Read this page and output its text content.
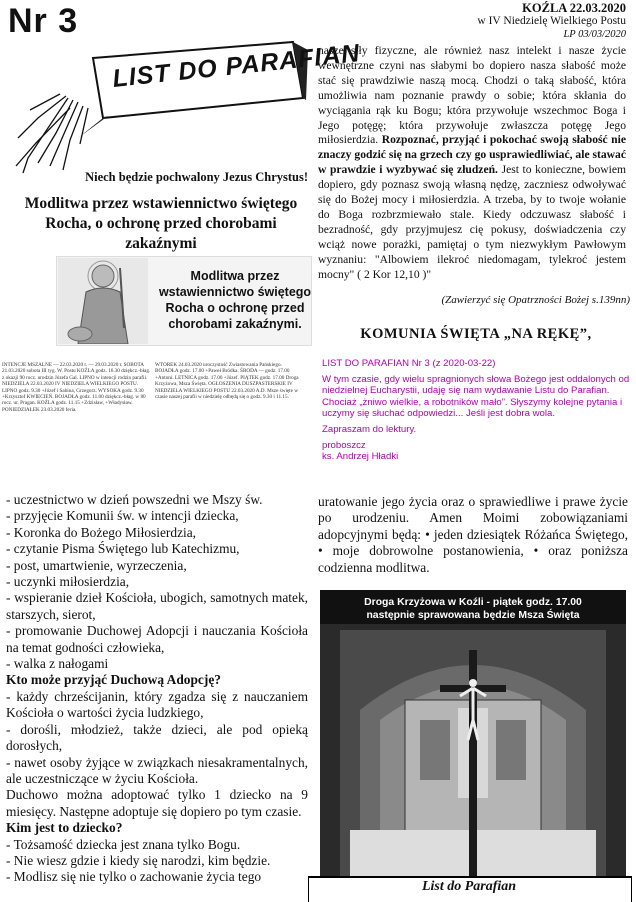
Nr 3	KOŹLA 22.03.2020
w IV Niedzielę Wielkiego Postu
LP 03/03/2020
LIST DO PARAFIAN
Niech będzie pochwalony Jezus Chrystus!
Modlitwa przez wstawiennictwo świętego Rocha, o ochronę przed chorobami zakaźnymi
Modlitwa przez wstawiennictwo świętego Rocha o ochronę przed chorobami zakaźnymi.
nasze siły fizyczne, ale również nasz intelekt i nasze życie wewnętrzne czyni nas słabymi bo dopiero nasza słabość może stać się prawdziwie naszą mocą. Chodzi o taką słabość, która umożliwia nam poznanie prawdy o sobie; która skłania do wyciągania rąk ku Bogu; która przywołuje wszechmoc Boga i Jego potęgę; która przywołuje zwłaszcza potęgę Jego miłosierdzia. Rozpoznać, przyjąć i pokochać swoją słabość nie znaczy godzić się na grzech czy go usprawiedliwiać, ale stawać w prawdzie i wyzbywać się złudzeń. Jest to konieczne, bowiem dopiero, gdy poznasz swoją własną nędzę, zaczniesz odwoływać się do Bożej mocy i miłosierdzia. A trzeba, by to twoje wołanie do Boga rozbrzmiewało stale. Kiedy odczuwasz słabość i bezradność, gdy przyjmujesz cię pokusy, doświadczenia czy wciąż nowe porażki, pamiętaj o tym niezwykłym Pawłowym wyznaniu: "Albowiem ilekroć niedomagam, tylekroć jestem mocny" ( 2 Kor 12,10 )"
(Zawierzyć się Opatrzności Bożej s.139nn)
KOMUNIA ŚWIĘTA „NA RĘKĘ”,
INTENCJE MSZALNE — 22.03.2020 r. — 29.03.2020 r. SOBOTA 21.03.2020 sobota III tyg. W. Postu KOŹLA godz. 16.30 dziękcz.-błag. z okazji 90 rocz. urodzin Józefa Gal. LIPNO w intencji rodzin parafii. NIEDZIELA 22.03.2020 IV NIEDZIELA WIELKIEGO POSTU. LIPNO godz. 9.30 +Józef i Sabina, Grzegorz. WYSOKA godz. 9.30 +Krzysztof KWIECIEŃ. BOJADŁA godz. 11.00 dziękcz.-błag. w 80 rocz. ur. Pragan. KOŹLA godz. 11.15 +Zdzisław, +Władysław. PONIEDZIAŁEK 23.03.2020 feria.
WTOREK 24.03.2020 uroczystość Zwiastowania Pańskiego. BOJADŁA godz. 17.00 +Paweł Bródka. ŚRODA — godz. 17.00 +Antoni. LETNICA godz. 17.00 +Józef. PIĄTEK godz. 17.00 Droga Krzyżowa, Msza Święta. OGŁOSZENIA DUSZPASTERSKIE IV NIEDZIELA WIELKIEGO POSTU 22.03.2020 A.D. Msze święte w czasie naszej parafii w niedzielę odbędą się o godz. 9.30 i 11.15.

LIST DO PARAFIAN Nr 3 (z 2020-03-22)

W tym czasie, gdy wielu spragnionych słowa Bożego jest oddalonych od niedzielnej Eucharystii, udaję się nam wydawanie Listu do Parafian. Chociaż „żniwo wielkie, a robotników mało”. Słyszymy kolejne pytania i uczymy się słuchać odpowiedzi... Jeśli jest dobra wola.

Zapraszam do lektury.

proboszcz

ks. Andrzej Hładki

- uczestnictwo w dzień powszedni we Mszy św.
- przyjęcie Komunii św. w intencji dziecka,
- Koronka do Bożego Miłosierdzia,
- czytanie Pisma Świętego lub Katechizmu,
- post, umartwienie, wyrzeczenia,
- uczynki miłosierdzia,
- wspieranie dzieł Kościoła, ubogich, samotnych matek, starszych, sierot,
- promowanie Duchowej Adopcji i nauczania Kościoła na temat godności człowieka,
- walka z nałogami
Kto może przyjąć Duchową Adopcję?
- każdy chrześcijanin, który zgadza się z nauczaniem Kościoła o wartości życia ludzkiego,
- dorośli, młodzież, także dzieci, ale pod opieką dorosłych,
- nawet osoby żyjące w związkach niesakramentalnych, ale uczestniczące w życiu Kościoła.
Duchowo można adoptować tylko 1 dziecko na 9 miesięcy. Następne adoptuje się dopiero po tym czasie.
Kim jest to dziecko?
- Tożsamość dziecka jest znana tylko Bogu.
- Nie wiesz gdzie i kiedy się narodzi, kim będzie.
- Modlisz się nie tylko o zachowanie życia tego
uratowanie jego życia oraz o sprawiedliwe i prawe życie po urodzeniu. Amen Moimi zobowiązaniami adopcyjnymi będą: • jeden dziesiątek Różańca Świętego, • moje dobrowolne postanowienia, • oraz poniższa codzienna modlitwa.
Droga Krzyżowa w Koźli - piątek godz. 17.00
następnie sprawowana będzie Msza Święta
List do Parafian
